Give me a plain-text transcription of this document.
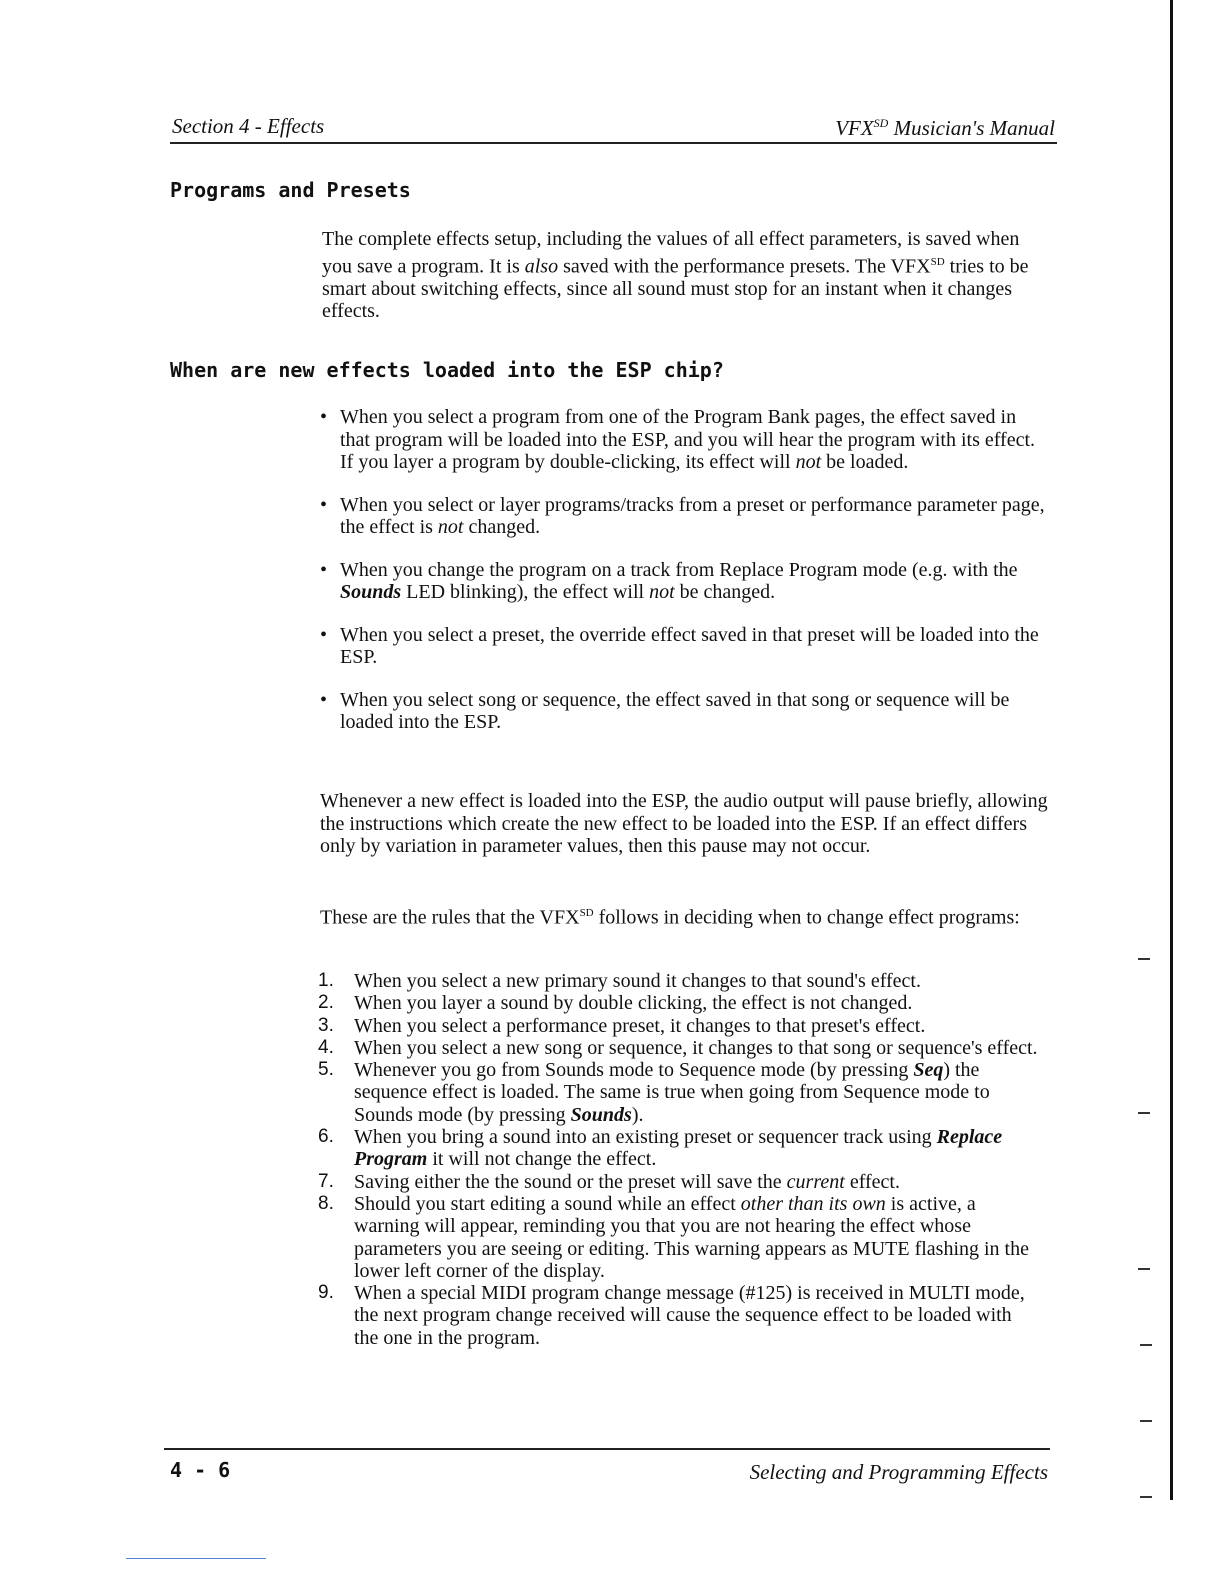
Section 4 - Effects	$VFX^{SD}$ Musician's Manual
Programs and Presets
The complete effects setup, including the values of all effect parameters, is saved when you save a program. It is also saved with the performance presets. The $VFX^{SD}$ tries to be smart about switching effects, since all sound must stop for an instant when it changes effects.
When are new effects loaded into the ESP chip?
• When you select a program from one of the Program Bank pages, the effect saved in that program will be loaded into the ESP, and you will hear the program with its effect. If you layer a program by double-clicking, its effect will not be loaded.
• When you select or layer programs/tracks from a preset or performance parameter page, the effect is not changed.
• When you change the program on a track from Replace Program mode (e.g. with the Sounds LED blinking), the effect will not be changed.
• When you select a preset, the override effect saved in that preset will be loaded into the ESP.
• When you select song or sequence, the effect saved in that song or sequence will be loaded into the ESP.
Whenever a new effect is loaded into the ESP, the audio output will pause briefly, allowing the instructions which create the new effect to be loaded into the ESP. If an effect differs only by variation in parameter values, then this pause may not occur.
These are the rules that the $VFX^{SD}$ follows in deciding when to change effect programs:
1. When you select a new primary sound it changes to that sound's effect.
2. When you layer a sound by double clicking, the effect is not changed.
3. When you select a performance preset, it changes to that preset's effect.
4. When you select a new song or sequence, it changes to that song or sequence's effect.
5. Whenever you go from Sounds mode to Sequence mode (by pressing Seq) the sequence effect is loaded. The same is true when going from Sequence mode to Sounds mode (by pressing Sounds).
6. When you bring a sound into an existing preset or sequencer track using Replace Program it will not change the effect.
7. Saving either the the sound or the preset will save the current effect.
8. Should you start editing a sound while an effect other than its own is active, a warning will appear, reminding you that you are not hearing the effect whose parameters you are seeing or editing. This warning appears as MUTE flashing in the lower left corner of the display.
9. When a special MIDI program change message (#125) is received in MULTI mode, the next program change received will cause the sequence effect to be loaded with the one in the program.
4 - 6	Selecting and Programming Effects
